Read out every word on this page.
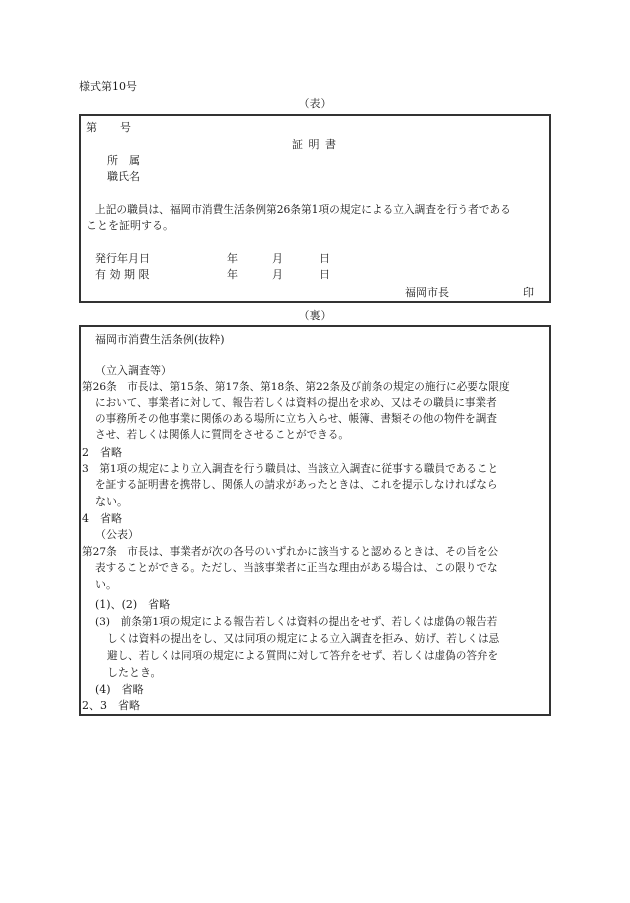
様式第10号
（表）
第 号
証 明 書
所　属
職氏名
上記の職員は、福岡市消費生活条例第26条第1項の規定による立入調査を行う者である
ことを証明する。
発行年月日	年	月	日
有 効 期 限	年	月	日
福岡市長	印
（裏）
福岡市消費生活条例(抜粋)
（立入調査等）
第26条　市長は、第15条、第17条、第18条、第22条及び前条の規定の施行に必要な限度
において、事業者に対して、報告若しくは資料の提出を求め、又はその職員に事業者
の事務所その他事業に関係のある場所に立ち入らせ、帳簿、書類その他の物件を調査
させ、若しくは関係人に質問をさせることができる。
2　省略
3　第1項の規定により立入調査を行う職員は、当該立入調査に従事する職員であること
を証する証明書を携帯し、関係人の請求があったときは、これを提示しなければなら
ない。
4　省略
（公表）
第27条　市長は、事業者が次の各号のいずれかに該当すると認めるときは、その旨を公
表することができる。ただし、当該事業者に正当な理由がある場合は、この限りでな
い。
(1)、(2)　省略
(3)　前条第1項の規定による報告若しくは資料の提出をせず、若しくは虚偽の報告若
しくは資料の提出をし、又は同項の規定による立入調査を拒み、妨げ、若しくは忌
避し、若しくは同項の規定による質問に対して答弁をせず、若しくは虚偽の答弁を
したとき。
(4)　省略
2、3　省略
